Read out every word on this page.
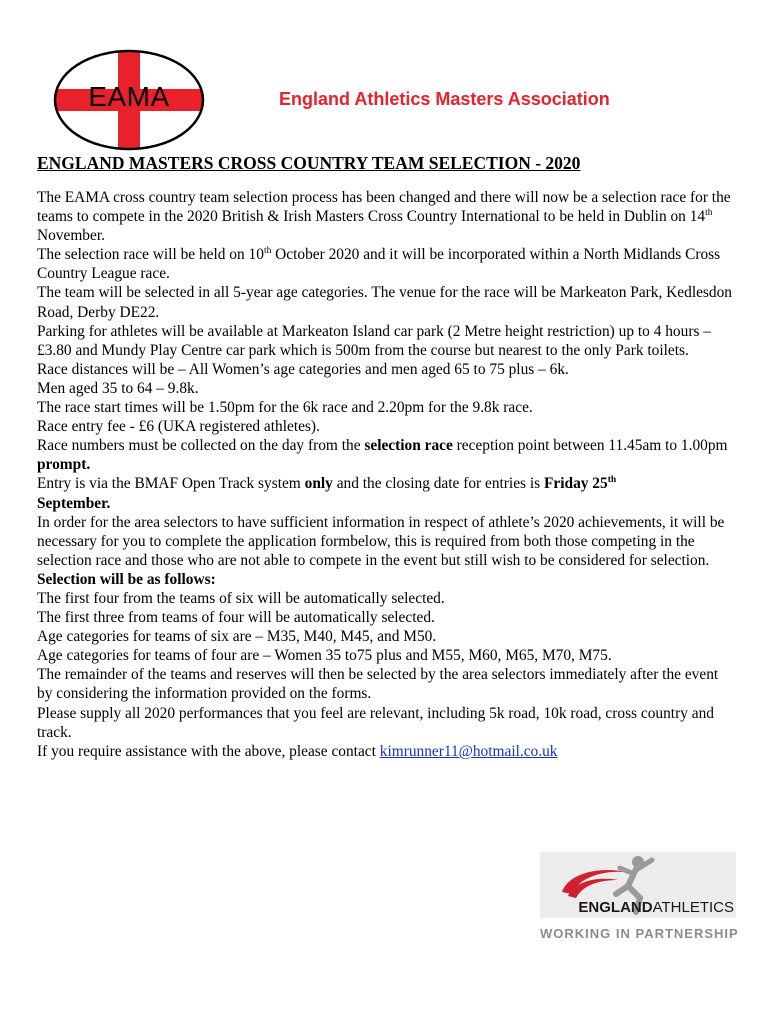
EAMA	England Athletics Masters Association
ENGLAND MASTERS CROSS COUNTRY TEAM SELECTION - 2020

The EAMA cross country team selection process has been changed and there will now be a selection race for the teams to compete in the 2020 British & Irish Masters Cross Country International to be held in Dublin on 14th November.

The selection race will be held on 10th October 2020 and it will be incorporated within a North Midlands Cross Country League race.

The team will be selected in all 5-year age categories. The venue for the race will be Markeaton Park, Kedlesdon Road, Derby DE22.

Parking for athletes will be available at Markeaton Island car park (2 Metre height restriction) up to 4 hours – £3.80 and Mundy Play Centre car park which is 500m from the course but nearest to the only Park toilets.

Race distances will be – All Women’s age categories and men aged 65 to 75 plus – 6k.

Men aged 35 to 64 – 9.8k.

The race start times will be 1.50pm for the 6k race and 2.20pm for the 9.8k race.

Race entry fee - £6 (UKA registered athletes).

Race numbers must be collected on the day from the selection race reception point between 11.45am to 1.00pm prompt.

Entry is via the BMAF Open Track system only and the closing date for entries is Friday 25th
September.

In order for the area selectors to have sufficient information in respect of athlete’s 2020 achievements, it will be necessary for you to complete the application formbelow, this is required from both those competing in the selection race and those who are not able to compete in the event but still wish to be considered for selection.

Selection will be as follows:

The first four from the teams of six will be automatically selected.

The first three from teams of four will be automatically selected.

Age categories for teams of six are – M35, M40, M45, and M50.

Age categories for teams of four are – Women 35 to75 plus and M55, M60, M65, M70, M75.

The remainder of the teams and reserves will then be selected by the area selectors immediately after the event by considering the information provided on the forms.

Please supply all 2020 performances that you feel are relevant, including 5k road, 10k road, cross country and track.

If you require assistance with the above, please contact kimrunner11@hotmail.co.uk

ENGLANDATHLETICS
WORKING IN PARTNERSHIP
